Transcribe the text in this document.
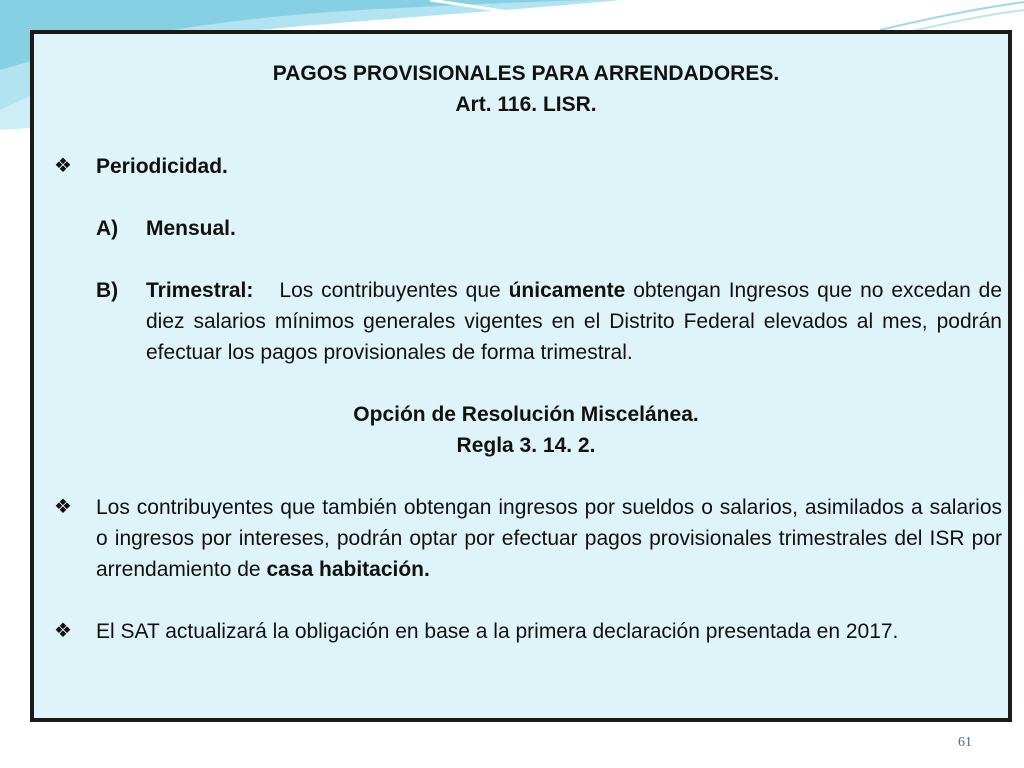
PAGOS PROVISIONALES PARA ARRENDADORES.
Art. 116. LISR.
❖	Periodicidad.
A)	Mensual.
B)	Trimestral: Los contribuyentes que únicamente obtengan Ingresos que no excedan de diez salarios mínimos generales vigentes en el Distrito Federal elevados al mes, podrán efectuar los pagos provisionales de forma trimestral.
Opción de Resolución Miscelánea.
Regla 3. 14. 2.
❖	Los contribuyentes que también obtengan ingresos por sueldos o salarios, asimilados a salarios o ingresos por intereses, podrán optar por efectuar pagos provisionales trimestrales del ISR por arrendamiento de casa habitación.
❖	El SAT actualizará la obligación en base a la primera declaración presentada en 2017.
61
